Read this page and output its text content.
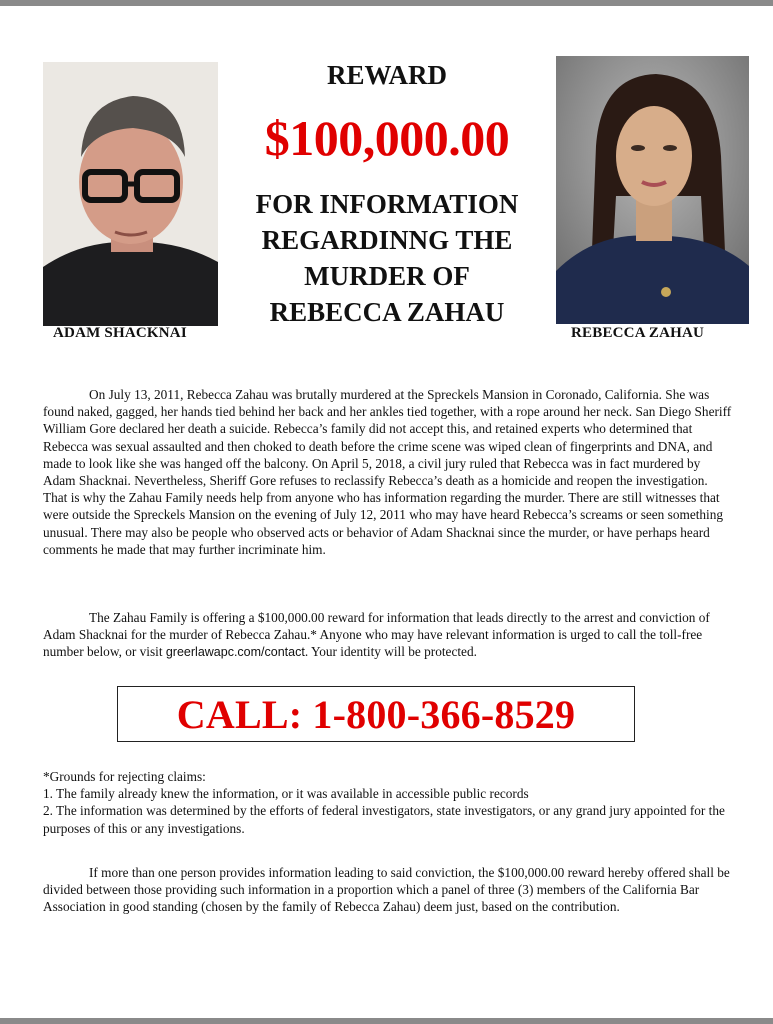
ADAM SHACKNAI	REBECCA ZAHAU
REWARD
$100,000.00
FOR INFORMATION
REGARDINNG THE
MURDER OF
REBECCA ZAHAU
On July 13, 2011, Rebecca Zahau was brutally murdered at the Spreckels Mansion in Coronado, California. She was found naked, gagged, her hands tied behind her back and her ankles tied together, with a rope around her neck. San Diego Sheriff William Gore declared her death a suicide. Rebecca’s family did not accept this, and retained experts who determined that Rebecca was sexual assaulted and then choked to death before the crime scene was wiped clean of fingerprints and DNA, and made to look like she was hanged off the balcony. On April 5, 2018, a civil jury ruled that Rebecca was in fact murdered by Adam Shacknai. Nevertheless, Sheriff Gore refuses to reclassify Rebecca’s death as a homicide and reopen the investigation. That is why the Zahau Family needs help from anyone who has information regarding the murder. There are still witnesses that were outside the Spreckels Mansion on the evening of July 12, 2011 who may have heard Rebecca’s screams or seen something unusual. There may also be people who observed acts or behavior of Adam Shacknai since the murder, or have perhaps heard comments he made that may further incriminate him.
The Zahau Family is offering a $100,000.00 reward for information that leads directly to the arrest and conviction of Adam Shacknai for the murder of Rebecca Zahau.* Anyone who may have relevant information is urged to call the toll-free number below, or visit greerlawapc.com/contact. Your identity will be protected.
CALL: 1-800-366-8529
*Grounds for rejecting claims:
1. The family already knew the information, or it was available in accessible public records
2. The information was determined by the efforts of federal investigators, state investigators, or any grand jury appointed for the purposes of this or any investigations.
If more than one person provides information leading to said conviction, the $100,000.00 reward hereby offered shall be divided between those providing such information in a proportion which a panel of three (3) members of the California Bar Association in good standing (chosen by the family of Rebecca Zahau) deem just, based on the contribution.
